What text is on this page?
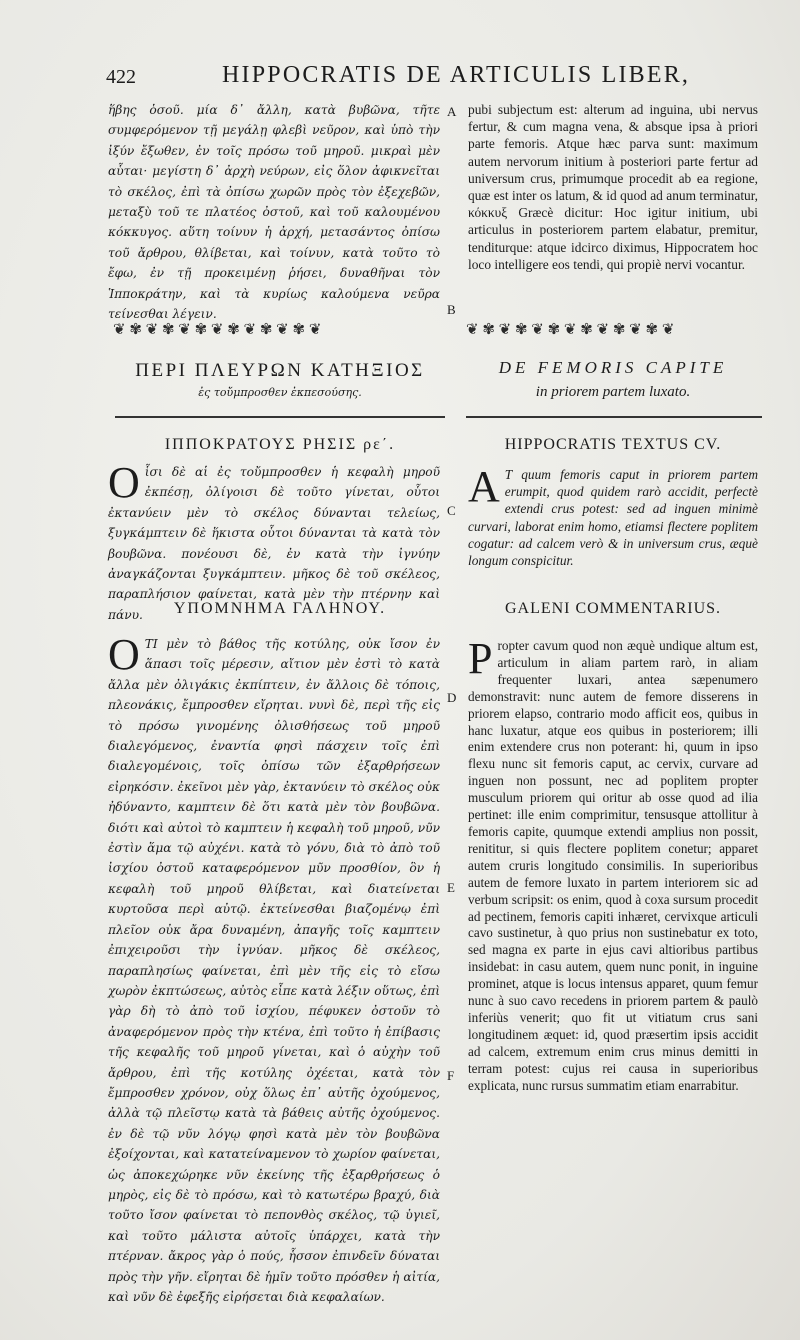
422	HIPPOCRATIS DE ARTICULIS LIBER,
ἥβης ὁσοῦ. μία δ᾽ ἄλλη, κατὰ βυβῶνα, τῆτε συμφερόμενον τῇ μεγάλῃ φλεβὶ νεῦρον, καὶ ὑπὸ τὴν ἰξύν ἔξωθεν, ἐν τοῖς πρόσω τοῦ μηροῦ. μικραὶ μὲν αὗται· μεγίστη δ᾽ ἀρχὴ νεύρων, εἰς ὅλον ἀφικνεῖται τὸ σκέλος, ἐπὶ τὰ ὀπίσω χωρῶν πρὸς τὸν ἐξεχεβῶν, μεταξὺ τοῦ τε πλατέος ὀστοῦ, καὶ τοῦ καλουμένου κόκκυγος. αὕτη τοίνυν ἡ ἀρχή, μετασάντος ὀπίσω τοῦ ἄρθρου, θλίβεται, καὶ τοίνυν, κατὰ τοῦτο τὸ ἔφω, ἐν τῇ προκειμένῃ ῥήσει, δυναθῆναι τὸν Ἱπποκράτην, καὶ τὰ κυρίως καλούμενα νεῦρα τείνεσθαι λέγειν.
pubi subjectum est: alterum ad inguina, ubi nervus fertur, & cum magna vena, & absque ipsa à priori parte femoris. Atque hæc parva sunt: maximum autem nervorum initium à posteriori parte fertur ad universum crus, primumque procedit ab ea regione, quæ est inter os latum, & id quod ad anum terminatur, κόκκυξ Græcè dicitur: Hoc igitur initium, ubi articulus in posteriorem partem elabatur, premitur, tenditurque: atque idcirco diximus, Hippocratem hoc loco intelligere eos tendi, qui propiè nervi vocantur.
A
B
C
D
E
F
❦ ✾ ❦ ✾ ❦ ✾ ❦ ✾ ❦ ✾ ❦ ✾ ❦	❦ ✾ ❦ ✾ ❦ ✾ ❦ ✾ ❦ ✾ ❦ ✾ ❦
ΠΕΡΙ ΠΛΕΥΡΩΝ ΚΑΤΗΞΙΟΣ
ἐς τοὔμπροσθεν ἐκπεσούσης.
DE FEMORIS CAPITE
in priorem partem luxato.
ΙΠΠΟΚΡΑΤΟΥΣ ΡΗΣΙΣ ρε΄.	HIPPOCRATIS TEXTUS CV.
Oἷσι δὲ αἱ ἐς τοὔμπροσθεν ἡ κεφαλὴ μηροῦ ἐκπέσῃ, ὀλίγοισι δὲ τοῦτο γίνεται, οὗτοι ἐκτανύειν μὲν τὸ σκέλος δύνανται τελείως, ξυγκάμπτειν δὲ ἥκιστα οὗτοι δύνανται τὰ κατὰ τὸν βουβῶνα. πονέουσι δὲ, ἐν κατὰ τὴν ἰγνύην ἀναγκάζονται ξυγκάμπτειν. μῆκος δὲ τοῦ σκέλεος, παραπλήσιον φαίνεται, κατὰ μὲν τὴν πτέρνην καὶ πάνυ.
A T quum femoris caput in priorem partem erumpit, quod quidem rarò accidit, perfectè extendi crus potest: sed ad inguen minimè curvari, laborat enim homo, etiamsi flectere poplitem cogatur: ad calcem verò & in universum crus, æquè longum conspicitur.
ΥΠΟΜΝΗΜΑ ΓΑΛΗΝΟΥ.	GALENI COMMENTARIUS.
OΤΙ μὲν τὸ βάθος τῆς κοτύλης, οὐκ ἴσον ἐν ἅπασι τοῖς μέρεσιν, αἴτιον μὲν ἐστὶ τὸ κατὰ ἄλλα μὲν ὀλιγάκις ἐκπίπτειν, ἐν ἄλλοις δὲ τόποις, πλεονάκις, ἔμπροσθεν εἴρηται. νυνὶ δὲ, περὶ τῆς εἰς τὸ πρόσω γινομένης ὀλισθήσεως τοῦ μηροῦ διαλεγόμενος, ἐναντία φησὶ πάσχειν τοῖς ἐπὶ διαλεγομένοις, τοῖς ὀπίσω τῶν ἐξαρθρήσεων εἰρηκόσιν. ἐκεῖνοι μὲν γὰρ, ἐκτανύειν τὸ σκέλος οὐκ ἠδύναντο, καμπτειν δὲ ὅτι κατὰ μὲν τὸν βουβῶνα. διότι καὶ αὐτοὶ τὸ καμπτειν ἡ κεφαλὴ τοῦ μηροῦ, νῦν ἐστὶν ἅμα τῷ αὐχένι. κατὰ τὸ γόνυ, διὰ τὸ ἀπὸ τοῦ ἰσχίου ὀστοῦ καταφερόμενον μῦν προσθίον, ὃν ἡ κεφαλὴ τοῦ μηροῦ θλίβεται, καὶ διατείνεται κυρτοῦσα περὶ αὐτῷ. ἐκτείνεσθαι βιαζομένῳ ἐπὶ πλεῖον οὐκ ἄρα δυναμένη, ἀπαγῆς τοῖς καμπτειν ἐπιχειροῦσι τὴν ἰγνύαν. μῆκος δὲ σκέλεος, παραπλησίως φαίνεται, ἐπὶ μὲν τῆς εἰς τὸ εἴσω χωρὸν ἐκπτώσεως, αὐτὸς εἶπε κατὰ λέξιν οὕτως, ἐπὶ γὰρ δὴ τὸ ἀπὸ τοῦ ἰσχίου, πέφυκεν ὀστοῦν τὸ ἀναφερόμενον πρὸς τὴν κτένα, ἐπὶ τοῦτο ἡ ἐπίβασις τῆς κεφαλῆς τοῦ μηροῦ γίνεται, καὶ ὁ αὐχὴν τοῦ ἄρθρου, ἐπὶ τῆς κοτύλης ὀχέεται, κατὰ τὸν ἔμπροσθεν χρόνον, οὐχ ὅλως ἐπ᾽ αὐτῆς ὀχούμενος, ἀλλὰ τῷ πλεῖστῳ κατὰ τὰ βάθεις αὐτῆς ὀχούμενος. ἐν δὲ τῷ νῦν λόγῳ φησὶ κατὰ μὲν τὸν βουβῶνα ἐξοίχονται, καὶ κατατείναμενον τὸ χωρίον φαίνεται, ὡς ἀποκεχώρηκε νῦν ἐκείνης τῆς ἐξαρθρήσεως ὁ μηρὸς, εἰς δὲ τὸ πρόσω, καὶ τὸ κατωτέρω βραχύ, διὰ τοῦτο ἴσον φαίνεται τὸ πεπονθὸς σκέλος, τῷ ὑγιεῖ, καὶ τοῦτο μάλιστα αὐτοῖς ὑπάρχει, κατὰ τὴν πτέρναν. ἄκρος γὰρ ὁ πούς, ἧσσον ἐπινδεῖν δύναται πρὸς τὴν γῆν. εἴρηται δὲ ἡμῖν τοῦτο πρόσθεν ἡ αἰτία, καὶ νῦν δὲ ἐφεξῆς εἰρήσεται διὰ κεφαλαίων.
Propter cavum quod non æquè undique altum est, articulum in aliam partem rarò, in aliam frequenter luxari, antea sæpenumero demonstravit: nunc autem de femore disserens in priorem elapso, contrario modo afficit eos, quibus in hanc luxatur, atque eos quibus in posteriorem; illi enim extendere crus non poterant: hi, quum in ipso flexu nunc sit femoris caput, ac cervix, curvare ad inguen non possunt, nec ad poplitem propter musculum priorem qui oritur ab osse quod ad ilia pertinet: ille enim comprimitur, tensusque attollitur à femoris capite, quumque extendi amplius non possit, renititur, si quis flectere poplitem conetur; apparet autem cruris longitudo consimilis. In superioribus autem de femore luxato in partem interiorem sic ad verbum scripsit: os enim, quod à coxa sursum procedit ad pectinem, femoris capiti inhæret, cervixque articuli cavo sustinetur, à quo prius non sustinebatur ex toto, sed magna ex parte in ejus cavi altioribus partibus insidebat: in casu autem, quem nunc ponit, in inguine prominet, atque is locus intensus apparet, quum femur nunc à suo cavo recedens in priorem partem & paulò inferiùs venerit; quo fit ut vitiatum crus sani longitudinem æquet: id, quod præsertim ipsis accidit ad calcem, extremum enim crus minus demitti in terram potest: cujus rei causa in superioribus explicata, nunc rursus summatim etiam enarrabitur.
